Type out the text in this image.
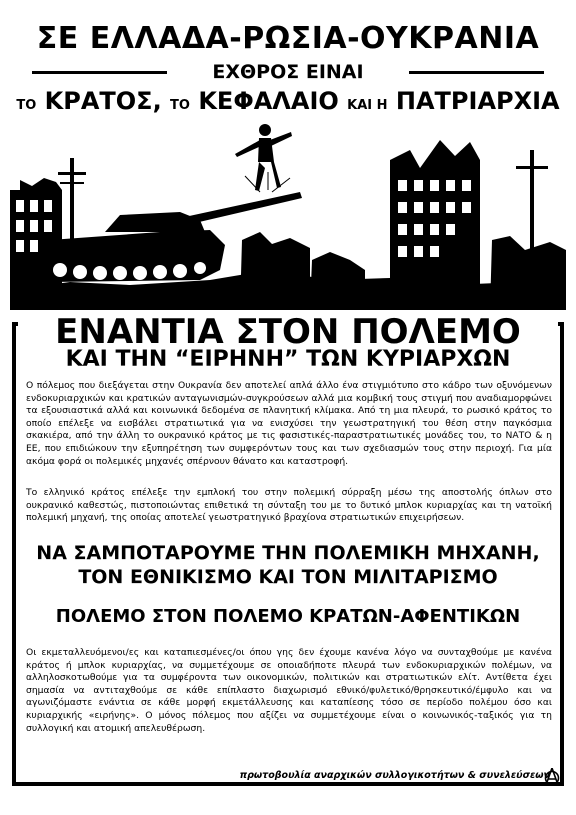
ΣΕ ΕΛΛΑΔΑ-ΡΩΣΙΑ-ΟΥΚΡΑΝΙΑ
ΕΧΘΡΟΣ ΕΙΝΑΙ
ΤΟ ΚΡΑΤΟΣ, ΤΟ ΚΕΦΑΛΑΙΟ ΚΑΙ Η ΠΑΤΡΙΑΡΧΙΑ
ΕΝΑΝΤΙΑ ΣΤΟΝ ΠΟΛΕΜΟ
ΚΑΙ ΤΗΝ “ΕΙΡΗΝΗ” ΤΩΝ ΚΥΡΙΑΡΧΩΝ
Ο πόλεμος που διεξάγεται στην Ουκρανία δεν αποτελεί απλά άλλο ένα στιγμιότυπο στο κάδρο των οξυνόμενων ενδοκυριαρχικών και κρατικών ανταγωνισμών-συγκρούσεων αλλά μια κομβική τους στιγμή που αναδιαμορφώνει τα εξουσιαστικά αλλά και κοινωνικά δεδομένα σε πλανητική κλίμακα. Από τη μια πλευρά, το ρωσικό κράτος το οποίο επέλεξε να εισβάλει στρατιωτικά για να ενισχύσει την γεωστρατηγική του θέση στην παγκόσμια σκακιέρα, από την άλλη το ουκρανικό κράτος με τις φασιστικές-παραστρατιωτικές μονάδες του, το ΝΑΤΟ & η ΕΕ, που επιδιώκουν την εξυπηρέτηση των συμφερόντων τους και των σχεδιασμών τους στην περιοχή. Για μία ακόμα φορά οι πολεμικές μηχανές σπέρνουν θάνατο και καταστροφή.
Το ελληνικό κράτος επέλεξε την εμπλοκή του στην πολεμική σύρραξη μέσω της αποστολής όπλων στο ουκρανικό καθεστώς, πιστοποιώντας επιθετικά τη σύνταξη του με το δυτικό μπλοκ κυριαρχίας και τη νατοϊκή πολεμική μηχανή, της οποίας αποτελεί γεωστρατηγικό βραχίονα στρατιωτικών επιχειρήσεων.
ΝΑ ΣΑΜΠΟΤΑΡΟΥΜΕ ΤΗΝ ΠΟΛΕΜΙΚΗ ΜΗΧΑΝΗ,
ΤΟΝ ΕΘΝΙΚΙΣΜΟ ΚΑΙ ΤΟΝ ΜΙΛΙΤΑΡΙΣΜΟ
ΠΟΛΕΜΟ ΣΤΟΝ ΠΟΛΕΜΟ ΚΡΑΤΩΝ-ΑΦΕΝΤΙΚΩΝ
Οι εκμεταλλευόμενοι/ες και καταπιεσμένες/οι όπου γης δεν έχουμε κανένα λόγο να συνταχθούμε με κανένα κράτος ή μπλοκ κυριαρχίας, να συμμετέχουμε σε οποιαδήποτε πλευρά των ενδοκυριαρχικών πολέμων, να αλληλοσκοτωθούμε για τα συμφέροντα των οικονομικών, πολιτικών και στρατιωτικών ελίτ. Αντίθετα έχει σημασία να αντιταχθούμε σε κάθε επίπλαστο διαχωρισμό εθνικό/φυλετικό/θρησκευτικό/έμφυλο και να αγωνιζόμαστε ενάντια σε κάθε μορφή εκμετάλλευσης και καταπίεσης τόσο σε περίοδο πολέμου όσο και κυριαρχικής «ειρήνης». Ο μόνος πόλεμος που αξίζει να συμμετέχουμε είναι ο κοινωνικός-ταξικός για τη συλλογική και ατομική απελευθέρωση.
πρωτοβουλία αναρχικών συλλογικοτήτων & συνελεύσεων
